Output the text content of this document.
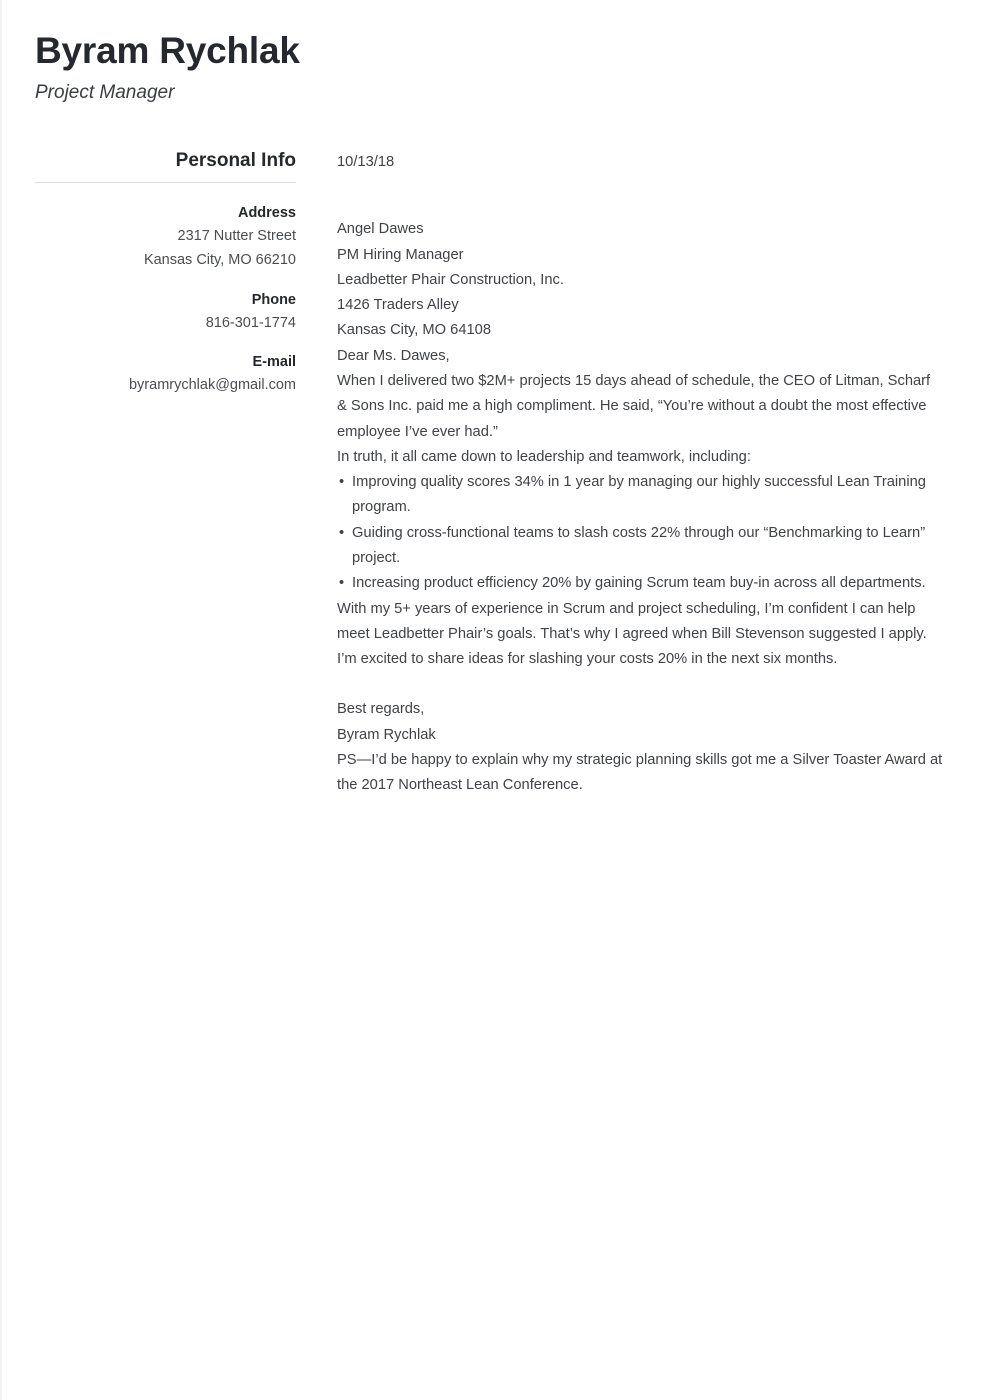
Byram Rychlak
Project Manager
Personal Info
Address
2317 Nutter Street
Kansas City, MO 66210
Phone
816-301-1774
E-mail
byramrychlak@gmail.com

10/13/18

Angel Dawes
PM Hiring Manager
Leadbetter Phair Construction, Inc.
1426 Traders Alley
Kansas City, MO 64108

Dear Ms. Dawes,

When I delivered two $2M+ projects 15 days ahead of schedule, the CEO of Litman, Scharf & Sons Inc. paid me a high compliment. He said, “You’re without a doubt the most effective employee I’ve ever had.”

In truth, it all came down to leadership and teamwork, including:

• Improving quality scores 34% in 1 year by managing our highly successful Lean Training program.
• Guiding cross-functional teams to slash costs 22% through our “Benchmarking to Learn” project.
• Increasing product efficiency 20% by gaining Scrum team buy-in across all departments.

With my 5+ years of experience in Scrum and project scheduling, I’m confident I can help meet Leadbetter Phair’s goals. That’s why I agreed when Bill Stevenson suggested I apply. I’m excited to share ideas for slashing your costs 20% in the next six months.

Best regards,
Byram Rychlak

PS—I’d be happy to explain why my strategic planning skills got me a Silver Toaster Award at the 2017 Northeast Lean Conference.
